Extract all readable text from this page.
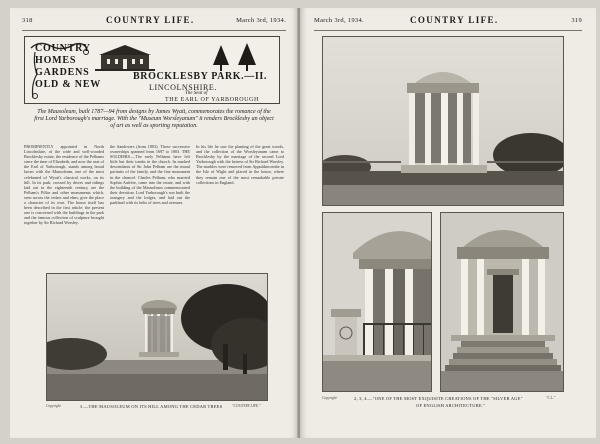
318	COUNTRY LIFE.	March 3rd, 1934.
COUNTRY
HOMES
GARDENS
OLD & NEW
BROCKLESBY PARK.—II.
LINCOLNSHIRE.
The Seat of
THE EARL OF YARBOROUGH
The Mausoleum, built 1787—94 from designs by James Wyatt, commemorates the romance of the first Lord Yarborough's marriage. With the "Museum Worsleyanum" it renders Brocklesby an object of art as well as sporting reputation.
PROMINENTLY appointed in North Lincolnshire, of the wide and well-wooded Brocklesby estate, the residence of the Pelhams since the time of Elizabeth, and now the seat of the Earl of Yarborough, stands among broad lawns with the Mausoleum, one of the most celebrated of Wyatt's classical works, on its hill. In its park, crossed by drives and ridings laid out in the eighteenth century, are the Pelham's Pillar and other monuments which, seen across the cedars and elms, give the place a character of its own. The house itself has been described in the first article; the present one is concerned with the buildings in the park and the famous collection of sculpture brought together by Sir Richard Worsley.
the Sandovers (from 1803). These successive ownerships spanned from 1697 to 1803. THE SOLDIERS.—The early Pelhams have left little but their tombs in the church. In marked descendants of Sir John Pelham are the mural portraits of the family, and the fine monument in the chancel. Charles Pelham, who married Sophia Aufrère, came into the estate, and with the building of the Mausoleum commemorated their devotion. Lord Yarborough's son built the orangery and the lodges, and laid out the parkland with its belts of trees and avenues.
In his life he saw the planting of the great woods, and the collection of the Worsleyanum came to Brocklesby by the marriage of the second Lord Yarborough with the heiress of Sir Richard Worsley. The marbles were removed from Appuldurcombe in the Isle of Wight and placed in the house, where they remain one of the most remarkable private collections in England.
Copyright	3.—THE MAUSOLEUM ON ITS HILL AMONG THE CEDAR TREES	"COUNTRY LIFE."
March 3rd, 1934.	COUNTRY LIFE.	319
Copyright	2, 3, 4.—"ONE OF THE MOST EXQUISITE CREATIONS OF THE "SILVER AGE"	"C.L."
OF ENGLISH ARCHITECTURE."
